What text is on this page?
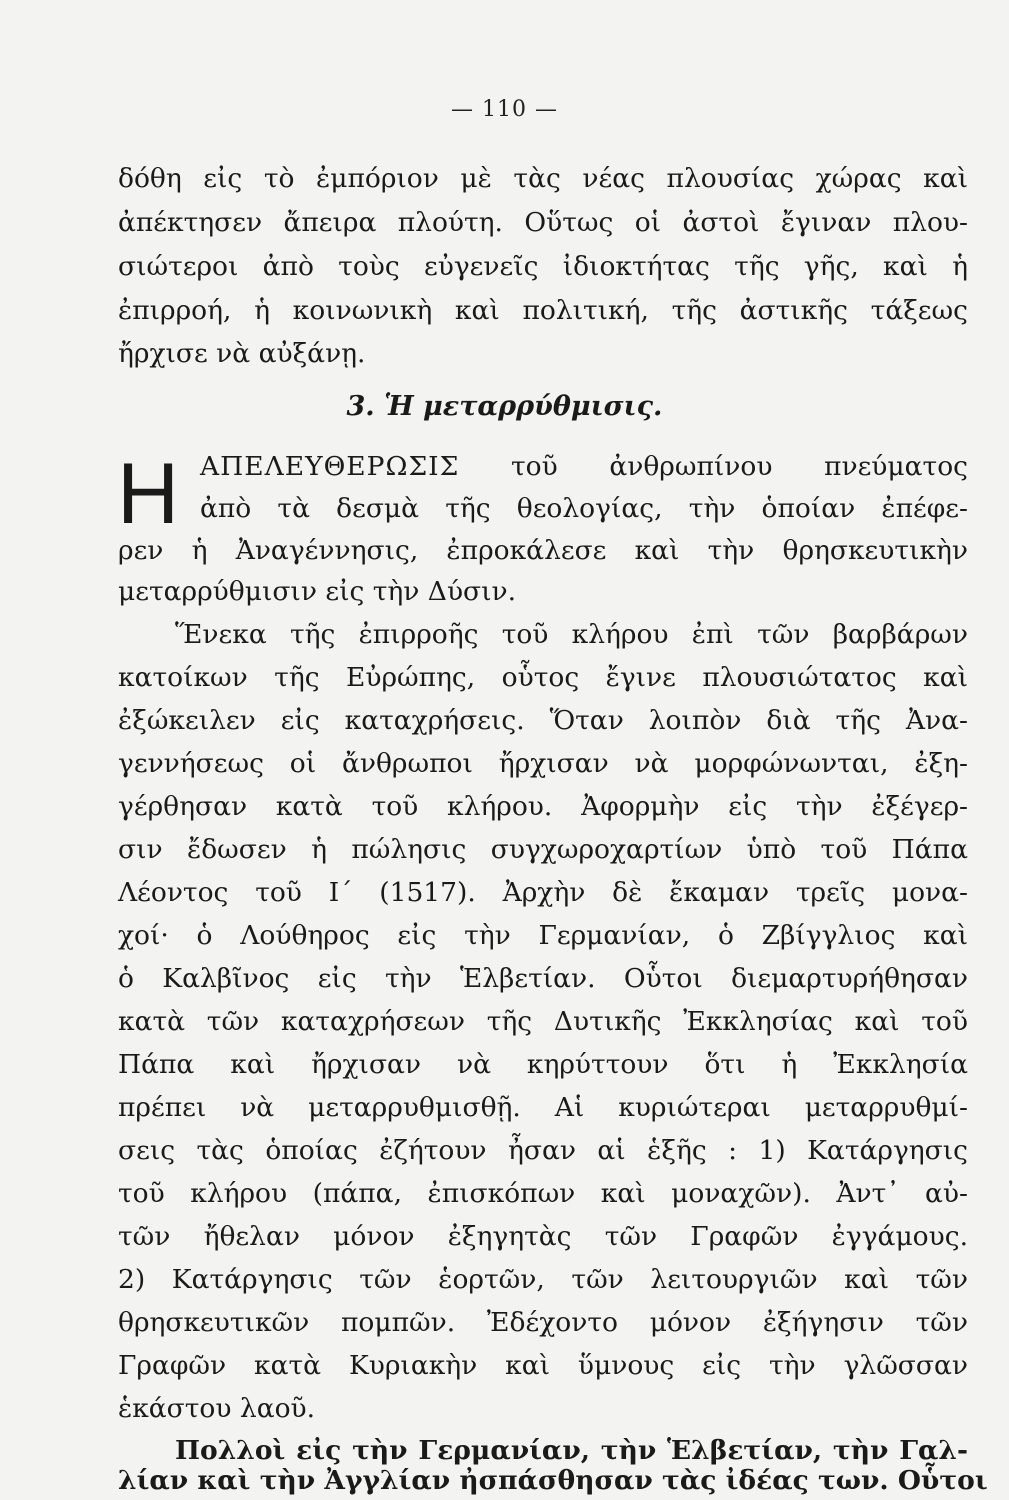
— 110 —
δόθη εἰς τὸ ἐμπόριον μὲ τὰς νέας πλουσίας χώρας καὶ
ἀπέκτησεν ἄπειρα πλούτη. Οὕτως οἱ ἀστοὶ ἔγιναν πλου-
σιώτεροι ἀπὸ τοὺς εὐγενεῖς ἰδιοκτήτας τῆς γῆς, καὶ ἡ
ἐπιρροή, ἡ κοινωνικὴ καὶ πολιτική, τῆς ἀστικῆς τάξεως
ἤρχισε νὰ αὐξάνῃ.
3. Ἡ μεταρρύθμισις.
Η ΑΠΕΛΕΥΘΕΡΩΣΙΣ τοῦ ἀνθρωπίνου πνεύματος
ἀπὸ τὰ δεσμὰ τῆς θεολογίας, τὴν ὁποίαν ἐπέφε-
ρεν ἡ Ἀναγέννησις, ἐπροκάλεσε καὶ τὴν θρησκευτικὴν
μεταρρύθμισιν εἰς τὴν Δύσιν.
Ἕνεκα τῆς ἐπιρροῆς τοῦ κλήρου ἐπὶ τῶν βαρβάρων
κατοίκων τῆς Εὐρώπης, οὗτος ἔγινε πλουσιώτατος καὶ
ἐξώκειλεν εἰς καταχρήσεις. Ὅταν λοιπὸν διὰ τῆς Ἀνα-
γεννήσεως οἱ ἄνθρωποι ἤρχισαν νὰ μορφώνωνται, ἐξη-
γέρθησαν κατὰ τοῦ κλήρου. Ἀφορμὴν εἰς τὴν ἐξέγερ-
σιν ἔδωσεν ἡ πώλησις συγχωροχαρτίων ὑπὸ τοῦ Πάπα
Λέοντος τοῦ Ι΄ (1517). Ἀρχὴν δὲ ἔκαμαν τρεῖς μονα-
χοί· ὁ Λούθηρος εἰς τὴν Γερμανίαν, ὁ Ζβίγγλιος καὶ
ὁ Καλβῖνος εἰς τὴν Ἑλβετίαν. Οὗτοι διεμαρτυρήθησαν
κατὰ τῶν καταχρήσεων τῆς Δυτικῆς Ἐκκλησίας καὶ τοῦ
Πάπα καὶ ἤρχισαν νὰ κηρύττουν ὅτι ἡ Ἐκκλησία
πρέπει νὰ μεταρρυθμισθῇ. Αἱ κυριώτεραι μεταρρυθμί-
σεις τὰς ὁποίας ἐζήτουν ἦσαν αἱ ἑξῆς : 1) Κατάργησις
τοῦ κλήρου (πάπα, ἐπισκόπων καὶ μοναχῶν). Ἀντ᾽ αὐ-
τῶν ἤθελαν μόνον ἐξηγητὰς τῶν Γραφῶν ἐγγάμους.
2) Κατάργησις τῶν ἑορτῶν, τῶν λειτουργιῶν καὶ τῶν
θρησκευτικῶν πομπῶν. Ἐδέχοντο μόνον ἐξήγησιν τῶν
Γραφῶν κατὰ Κυριακὴν καὶ ὕμνους εἰς τὴν γλῶσσαν
ἑκάστου λαοῦ.
Πολλοὶ εἰς τὴν Γερμανίαν, τὴν Ἑλβετίαν, τὴν Γαλ-
λίαν καὶ τὴν Ἀγγλίαν ἠσπάσθησαν τὰς ἰδέας των. Οὗτοι
